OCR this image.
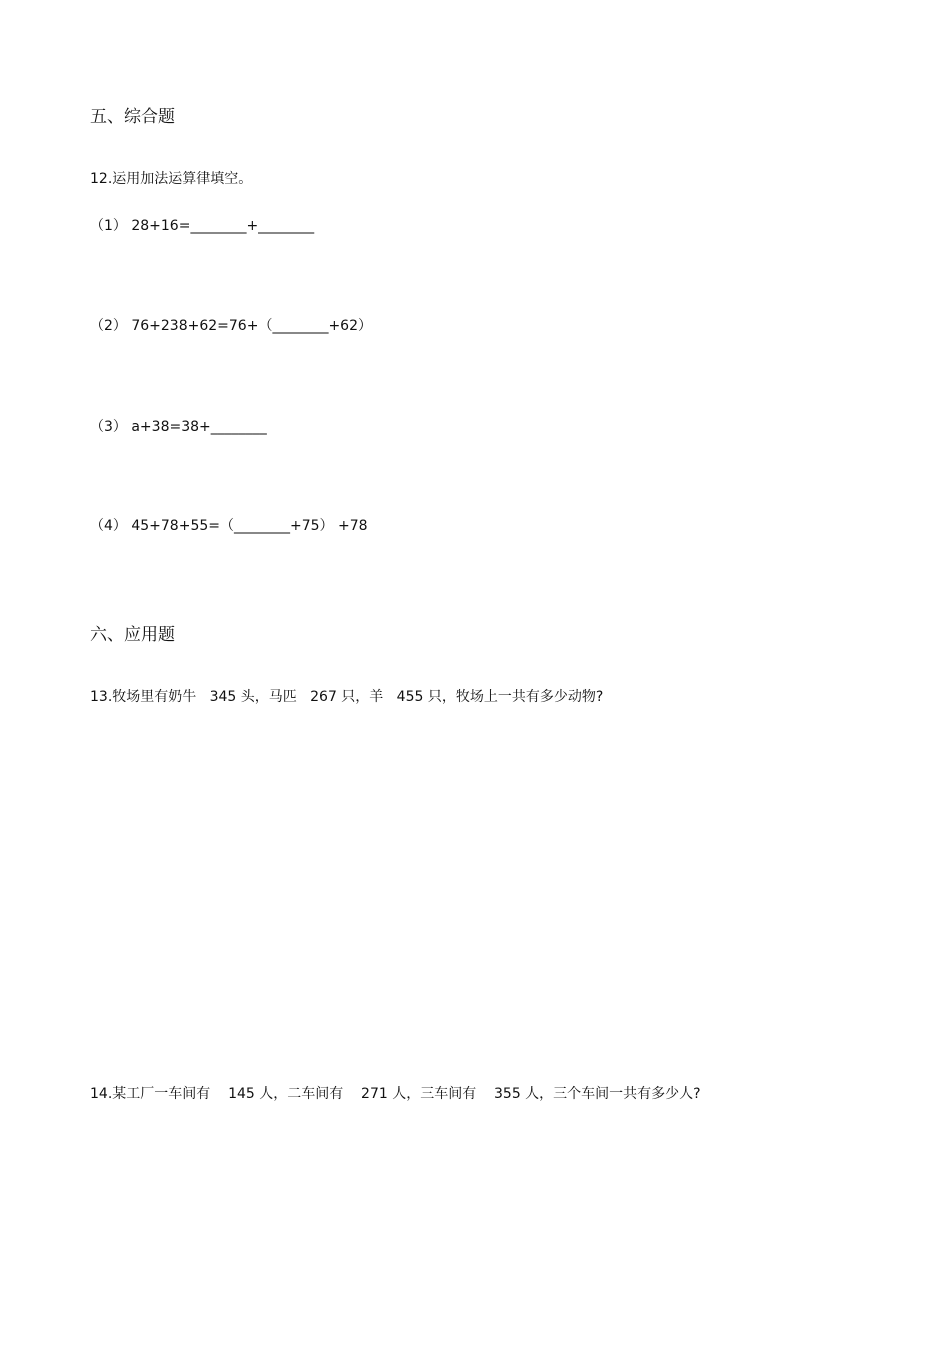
五、综合题
12.运用加法运算律填空。
（1） 28+16=________+________
（2） 76+238+62=76+（________+62）
（3） a+38=38+________
（4） 45+78+55=（________+75） +78
六、应用题
13.牧场里有奶牛   345 头，马匹   267 只，羊   455 只，牧场上一共有多少动物?
14.某工厂一车间有    145 人，二车间有    271 人，三车间有    355 人，三个车间一共有多少人?
